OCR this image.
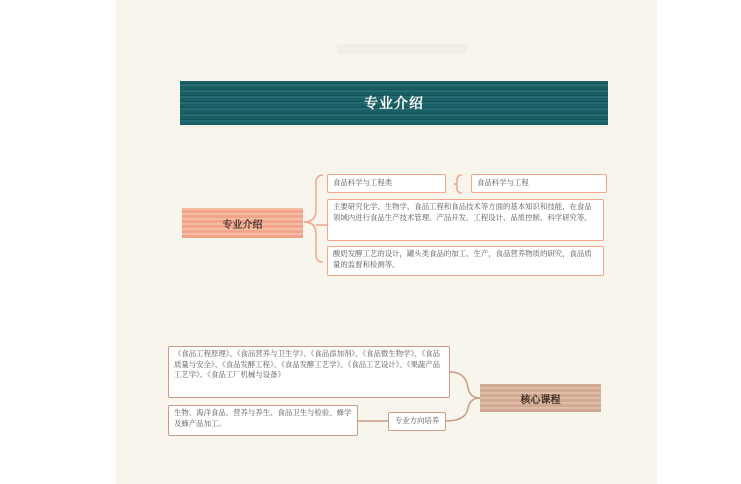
专业介绍
专业介绍
食品科学与工程类	食品科学与工程
主要研究化学、生物学、食品工程和食品技术等方面的基本知识和技能，在食品领域内进行食品生产技术管理、产品开发、工程设计、品质控制、科学研究等。
酸奶发酵工艺的设计，罐头类食品的加工、生产，食品营养物质的研究，食品质量的监督和检测等。
《食品工程原理》、《食品营养与卫生学》、《食品添加剂》、《食品微生物学》、《食品质量与安全》、《食品发酵工程》、《食品发酵工艺学》、《食品工艺设计》、《果蔬产品工艺学》、《食品工厂机械与设备》
生物、海洋食品、营养与养生、食品卫生与检验、蜂学及蜂产品加工。	专业方向培养
核心课程
